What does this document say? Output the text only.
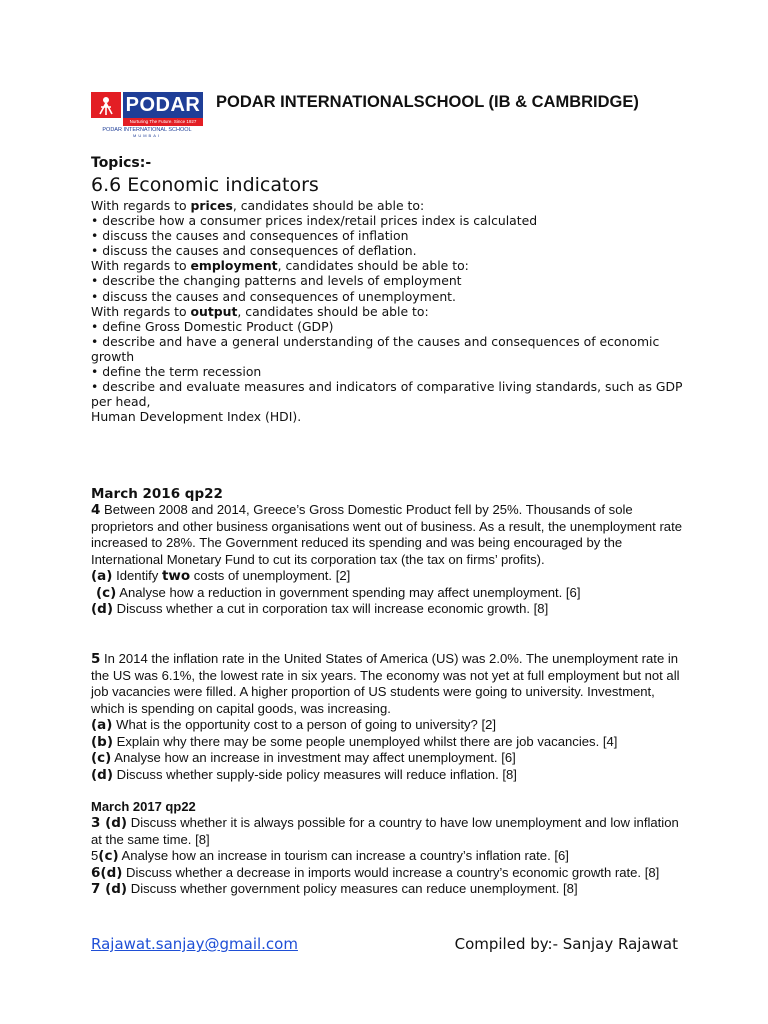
PODAR
Nurturing The Future. Since 1927
PODAR INTERNATIONAL SCHOOL
MUMBAI
PODAR INTERNATIONALSCHOOL (IB & CAMBRIDGE)
Topics:-
6.6 Economic indicators
With regards to prices, candidates should be able to:
• describe how a consumer prices index/retail prices index is calculated
• discuss the causes and consequences of inflation
• discuss the causes and consequences of deflation.
With regards to employment, candidates should be able to:
• describe the changing patterns and levels of employment
• discuss the causes and consequences of unemployment.
With regards to output, candidates should be able to:
• define Gross Domestic Product (GDP)
• describe and have a general understanding of the causes and consequences of economic growth
• define the term recession
• describe and evaluate measures and indicators of comparative living standards, such as GDP per head,
Human Development Index (HDI).
March 2016 qp22
4 Between 2008 and 2014, Greece’s Gross Domestic Product fell by 25%. Thousands of sole proprietors and other business organisations went out of business. As a result, the unemployment rate increased to 28%. The Government reduced its spending and was being encouraged by the International Monetary Fund to cut its corporation tax (the tax on firms’ profits).
(a) Identify two costs of unemployment. [2]
(c) Analyse how a reduction in government spending may affect unemployment. [6]
(d) Discuss whether a cut in corporation tax will increase economic growth. [8]
5 In 2014 the inflation rate in the United States of America (US) was 2.0%. The unemployment rate in the US was 6.1%, the lowest rate in six years. The economy was not yet at full employment but not all job vacancies were filled. A higher proportion of US students were going to university. Investment, which is spending on capital goods, was increasing.
(a) What is the opportunity cost to a person of going to university? [2]
(b) Explain why there may be some people unemployed whilst there are job vacancies. [4]
(c) Analyse how an increase in investment may affect unemployment. [6]
(d) Discuss whether supply-side policy measures will reduce inflation. [8]
March 2017 qp22
3 (d) Discuss whether it is always possible for a country to have low unemployment and low inflation at the same time. [8]
5(c) Analyse how an increase in tourism can increase a country’s inflation rate. [6]
6(d) Discuss whether a decrease in imports would increase a country’s economic growth rate. [8]
7 (d) Discuss whether government policy measures can reduce unemployment. [8]
Rajawat.sanjay@gmail.com	Compiled by:- Sanjay Rajawat
